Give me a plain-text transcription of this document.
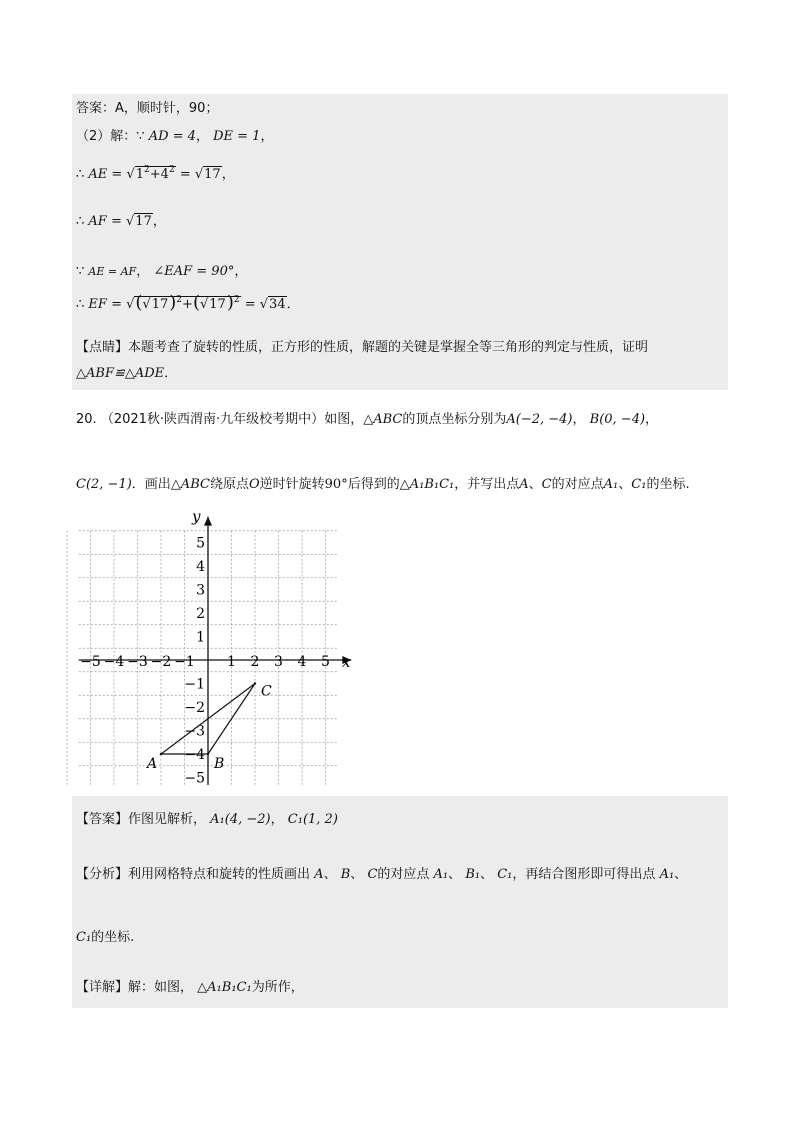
答案：A，顺时针，90；
（2）解：∵ AD = 4， DE = 1，
∴ AE = $√1^2+4^2 = √17$，
∴ AF = √17，
∵ AE = AF， ∠EAF = 90°，
∴ EF = $√(√17)^2+(√17)^2 = √34$．
【点睛】本题考查了旋转的性质，正方形的性质，解题的关键是掌握全等三角形的判定与性质，证明
△ABF≌△ADE．
20. （2021秋·陕西渭南·九年级校考期中）如图，△ABC的顶点坐标分别为A(−2, −4)， B(0, −4)，
C(2, −1)．画出△ABC绕原点O逆时针旋转90°后得到的△A₁B₁C₁，并写出点A、C的对应点A₁、C₁的坐标.
x
y
−5 −4 −3 −2 −1 1 2 3 4 5
5
4
3
2
1
−1
−2
−3
−4
−5
A	B
C
【答案】作图见解析， A₁(4, −2)， C₁(1, 2)
【分析】利用网格特点和旋转的性质画出 A、 B、 C的对应点 A₁、 B₁、 C₁，再结合图形即可得出点 A₁、
C₁的坐标.
【详解】解：如图， △A₁B₁C₁为所作，
